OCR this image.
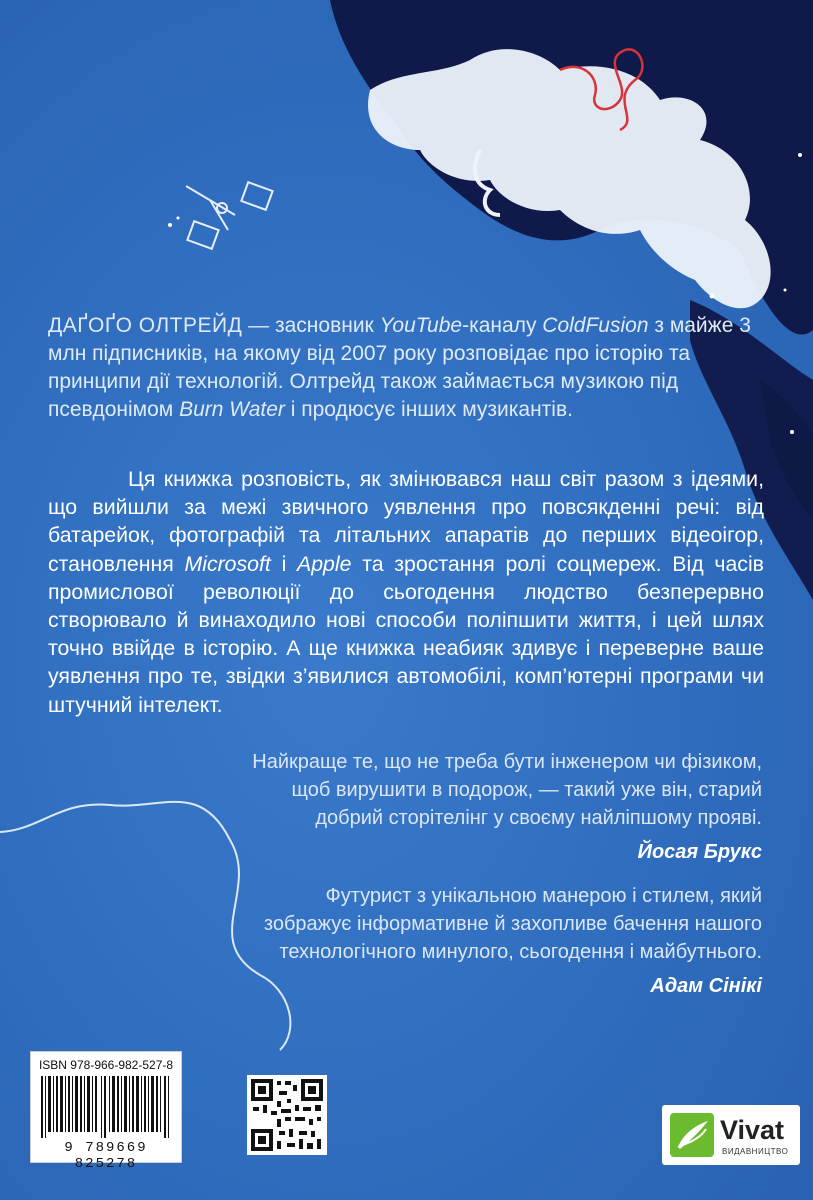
ДАҐОҐО ОЛТРЕЙД — засновник YouTube-каналу ColdFusion з майже 3 млн підписників, на якому від 2007 року розповідає про історію та принципи дії технологій. Олтрейд також займається музикою під псевдонімом Burn Water і продюсує інших музикантів.
Ця книжка розповість, як змінювався наш світ разом з ідеями, що вийшли за межі звичного уявлення про повсякденні речі: від батарейок, фотографій та літальних апаратів до перших відеоігор, становлення Microsoft і Apple та зростання ролі соцмереж. Від часів промислової революції до сьогодення людство безперервно створювало й винаходило нові способи поліпшити життя, і цей шлях точно ввійде в історію. А ще книжка неабияк здивує і переверне ваше уявлення про те, звідки з’явилися автомобілі, комп’ютерні програми чи штучний інтелект.
Найкраще те, що не треба бути інженером чи фізиком, щоб вирушити в подорож, — такий уже він, старий добрий сторітелінг у своєму найліпшому прояві.
Йосая Брукс
Футурист з унікальною манерою і стилем, який зображує інформативне й захопливе бачення нашого технологічного минулого, сьогодення і майбутнього.
Адам Сінікі
ISBN 978-966-982-527-8
9 789669 825278
Vivat
ВИДАВНИЦТВО
